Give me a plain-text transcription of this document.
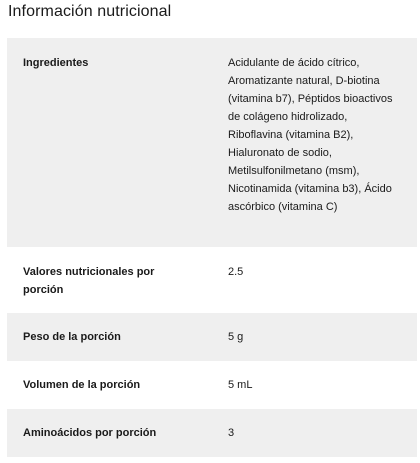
Información nutricional
Ingredientes	Acidulante de ácido cítrico, Aromatizante natural, D-biotina (vitamina b7), Péptidos bioactivos de colágeno hidrolizado, Riboflavina (vitamina B2), Hialuronato de sodio, Metilsulfonilmetano (msm), Nicotinamida (vitamina b3), Ácido ascórbico (vitamina C)

Valores nutricionales por porción	2.5

Peso de la porción	5 g

Volumen de la porción	5 mL

Aminoácidos por porción	3
